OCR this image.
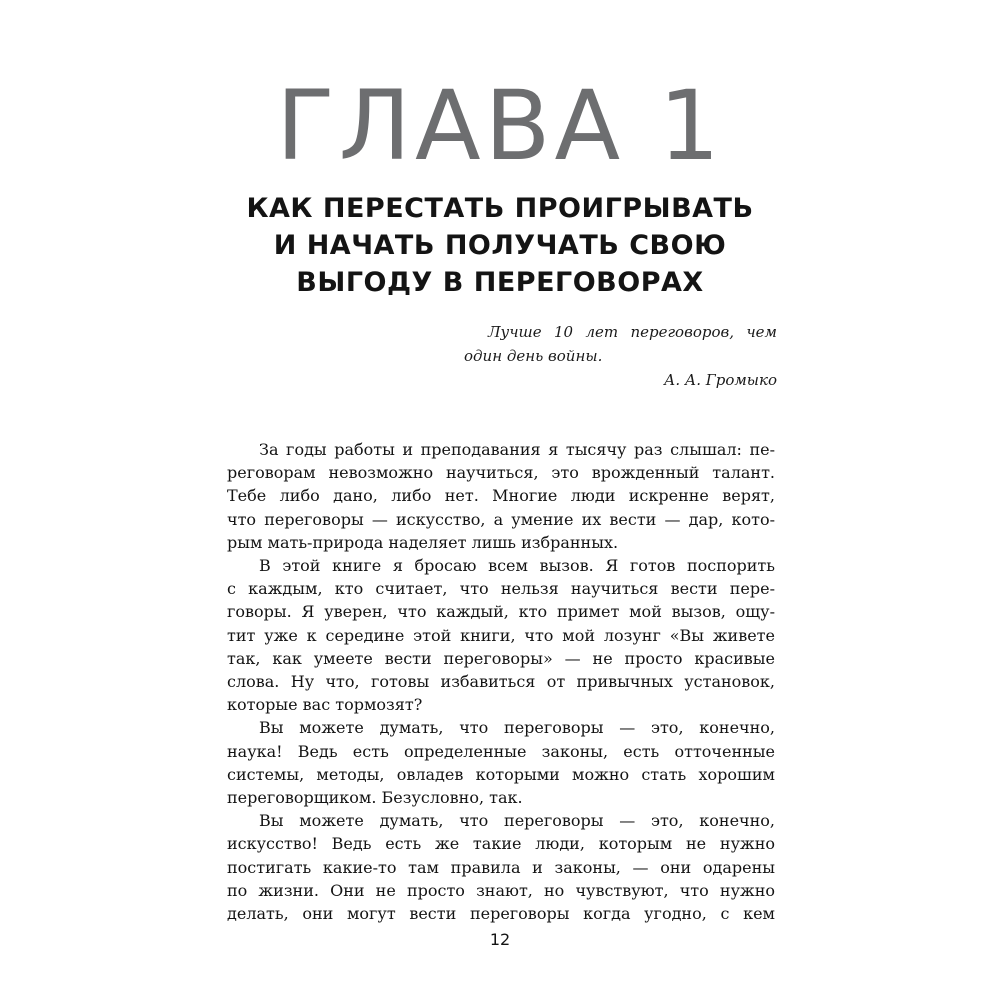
ГЛАВА 1
КАК ПЕРЕСТАТЬ ПРОИГРЫВАТЬ
И НАЧАТЬ ПОЛУЧАТЬ СВОЮ
ВЫГОДУ В ПЕРЕГОВОРАХ

Лучше 10 лет переговоров, чем один день войны.

А. А. Громыко

За годы работы и преподавания я тысячу раз слышал: пе-
реговорам невозможно научиться, это врожденный талант.
Тебе либо дано, либо нет. Многие люди искренне верят,
что переговоры — искусство, а умение их вести — дар, кото-
рым мать-природа наделяет лишь избранных.
В этой книге я бросаю всем вызов. Я готов поспорить
с каждым, кто считает, что нельзя научиться вести пере-
говоры. Я уверен, что каждый, кто примет мой вызов, ощу-
тит уже к середине этой книги, что мой лозунг «Вы живете
так, как умеете вести переговоры» — не просто красивые
слова. Ну что, готовы избавиться от привычных установок,
которые вас тормозят?
Вы можете думать, что переговоры — это, конечно,
наука! Ведь есть определенные законы, есть отточенные
системы, методы, овладев которыми можно стать хорошим
переговорщиком. Безусловно, так.
Вы можете думать, что переговоры — это, конечно,
искусство! Ведь есть же такие люди, которым не нужно
постигать какие-то там правила и законы, — они одарены
по жизни. Они не просто знают, но чувствуют, что нужно
делать, они могут вести переговоры когда угодно, с кем
12
